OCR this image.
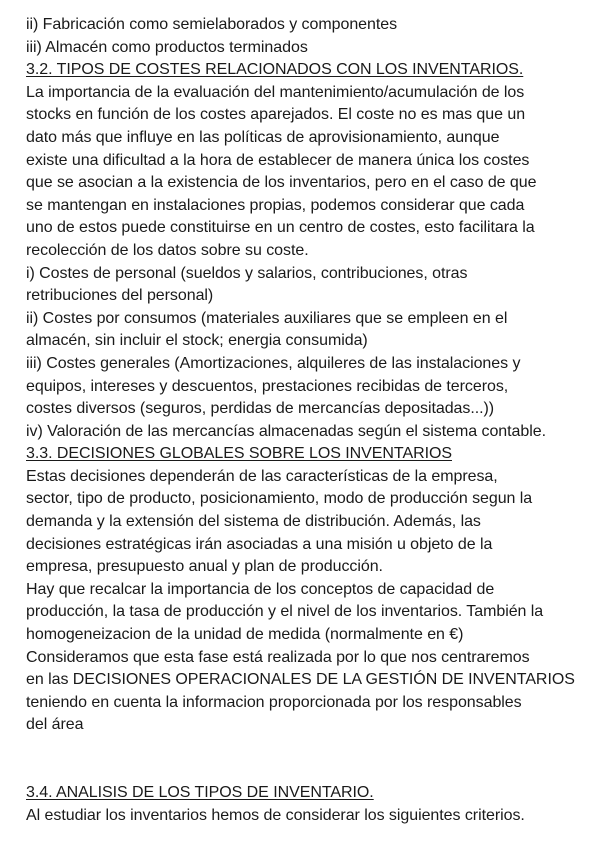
ii) Fabricación como semielaborados y componentes
iii) Almacén como productos terminados
3.2. TIPOS DE COSTES RELACIONADOS CON LOS INVENTARIOS.
La importancia de la evaluación del mantenimiento/acumulación de los
stocks en función de los costes aparejados. El coste no es mas que un
dato más que influye en las políticas de aprovisionamiento, aunque
existe una dificultad a la hora de establecer de manera única los costes
que se asocian a la existencia de los inventarios, pero en el caso de que
se mantengan en instalaciones propias, podemos considerar que cada
uno de estos puede constituirse en un centro de costes, esto facilitara la
recolección de los datos sobre su coste.
i) Costes de personal (sueldos y salarios, contribuciones, otras
retribuciones del personal)
ii) Costes por consumos (materiales auxiliares que se empleen en el
almacén, sin incluir el stock; energia consumida)
iii) Costes generales (Amortizaciones, alquileres de las instalaciones y
equipos, intereses y descuentos, prestaciones recibidas de terceros,
costes diversos (seguros, perdidas de mercancías depositadas...))
iv) Valoración de las mercancías almacenadas según el sistema contable.
3.3. DECISIONES GLOBALES SOBRE LOS INVENTARIOS
Estas decisiones dependerán de las características de la empresa,
sector, tipo de producto, posicionamiento, modo de producción segun la
demanda y la extensión del sistema de distribución. Además, las
decisiones estratégicas irán asociadas a una misión u objeto de la
empresa, presupuesto anual y plan de producción.
Hay que recalcar la importancia de los conceptos de capacidad de
producción, la tasa de producción y el nivel de los inventarios. También la
homogeneizacion de la unidad de medida (normalmente en €)
Consideramos que esta fase está realizada por lo que nos centraremos
en las DECISIONES OPERACIONALES DE LA GESTIÓN DE INVENTARIOS
teniendo en cuenta la informacion proporcionada por los responsables
del área
3.4. ANALISIS DE LOS TIPOS DE INVENTARIO.
Al estudiar los inventarios hemos de considerar los siguientes criterios.
